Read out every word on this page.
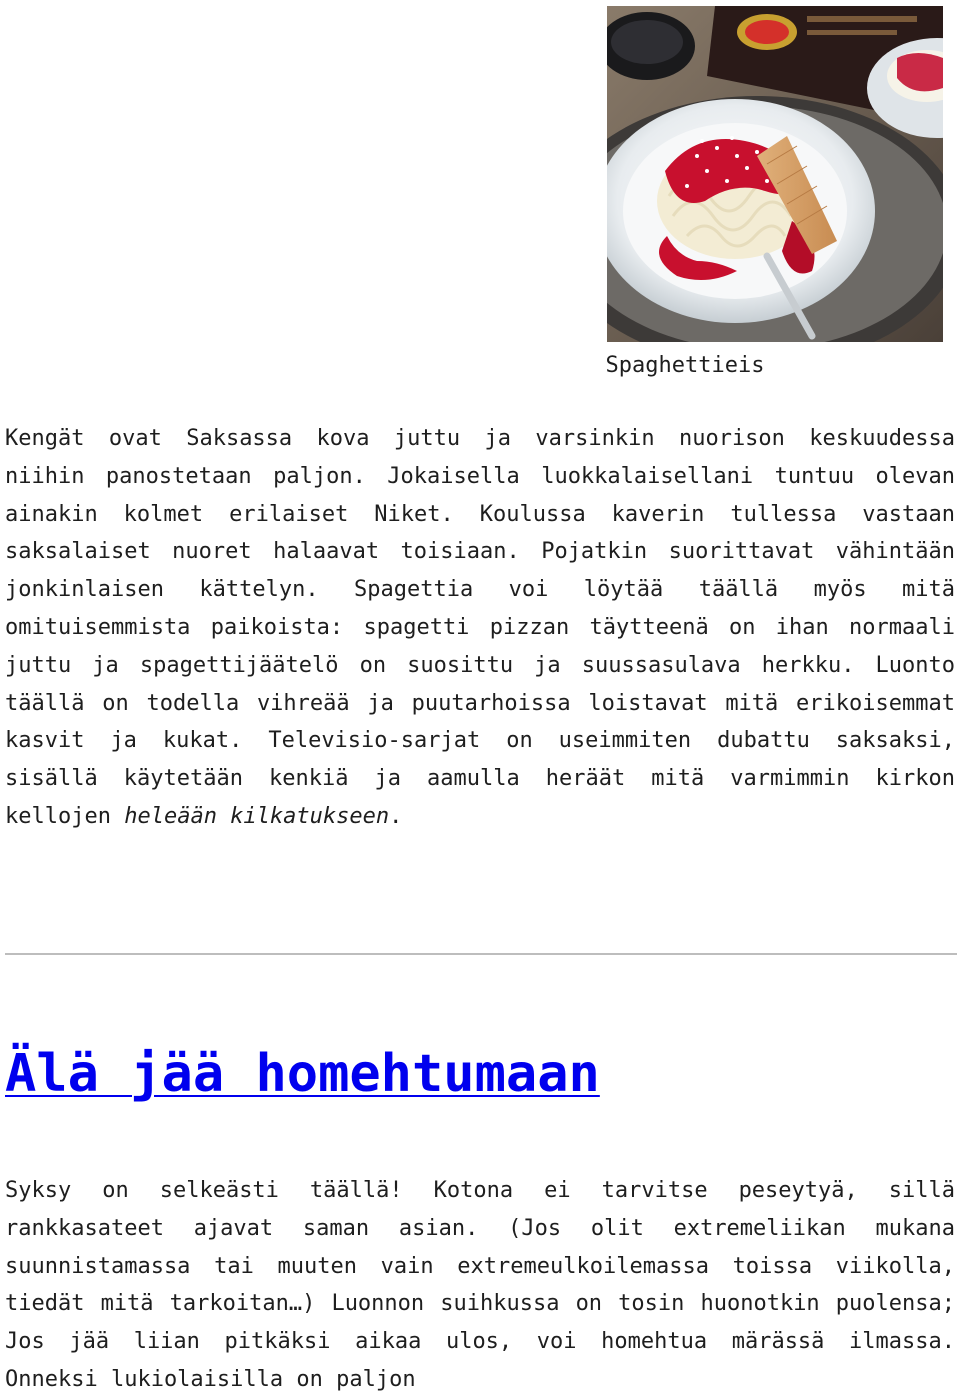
Spaghettieis

Kengät ovat Saksassa kova juttu ja varsinkin nuorison keskuudessa niihin panostetaan paljon. Jokaisella luokkalaisellani tuntuu olevan ainakin kolmet erilaiset Niket. Koulussa kaverin tullessa vastaan saksalaiset nuoret halaavat toisiaan. Pojatkin suorittavat vähintään jonkinlaisen kättelyn. Spagettia voi löytää täällä myös mitä omituisemmista paikoista: spagetti pizzan täytteenä on ihan normaali juttu ja spagettijäätelö on suosittu ja suussasulava herkku. Luonto täällä on todella vihreää ja puutarhoissa loistavat mitä erikoisemmat kasvit ja kukat. Televisio-sarjat on useimmiten dubattu saksaksi, sisällä käytetään kenkiä ja aamulla heräät mitä varmimmin kirkon kellojen heleään kilkatukseen.

Älä jää homehtumaan

Syksy on selkeästi täällä! Kotona ei tarvitse peseytyä, sillä rankkasateet ajavat saman asian. (Jos olit extremeliikan mukana suunnistamassa tai muuten vain extremeulkoilemassa toissa viikolla, tiedät mitä tarkoitan…) Luonnon suihkussa on tosin huonotkin puolensa; Jos jää liian pitkäksi aikaa ulos, voi homehtua märässä ilmassa. Onneksi lukiolaisilla on paljon
